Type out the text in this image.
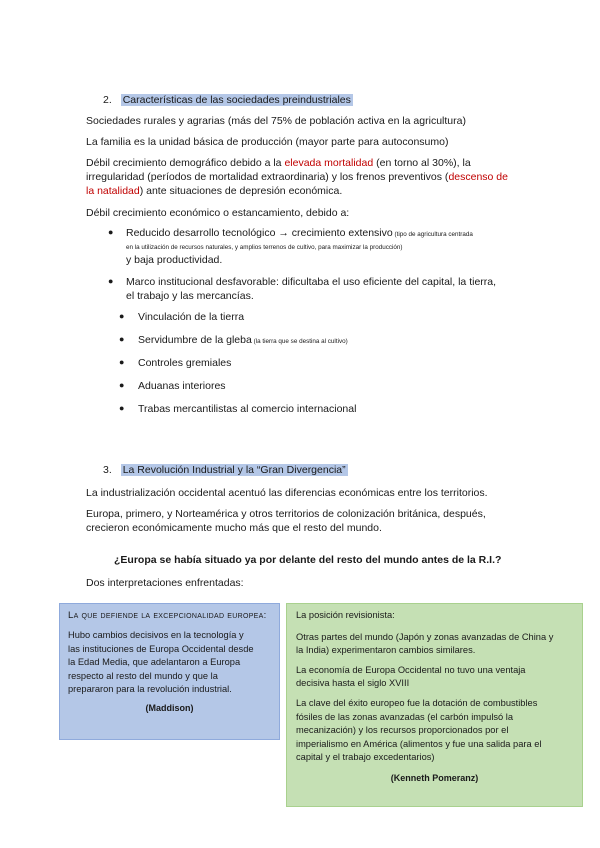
2. Características de las sociedades preindustriales
Sociedades rurales y agrarias (más del 75% de población activa en la agricultura)
La familia es la unidad básica de producción (mayor parte para autoconsumo)
Débil crecimiento demográfico debido a la elevada mortalidad (en torno al 30%), la
irregularidad (períodos de mortalidad extraordinaria) y los frenos preventivos (descenso de
la natalidad) ante situaciones de depresión económica.
Débil crecimiento económico o estancamiento, debido a:
● Reducido desarrollo tecnológico → crecimiento extensivo (tipo de agricultura centrada
en la utilización de recursos naturales, y amplios terrenos de cultivo, para maximizar la producción)
y baja productividad.
● Marco institucional desfavorable: dificultaba el uso eficiente del capital, la tierra,
el trabajo y las mercancías.
● Vinculación de la tierra
● Servidumbre de la gleba (la tierra que se destina al cultivo)
● Controles gremiales
● Aduanas interiores
● Trabas mercantilistas al comercio internacional
3. La Revolución Industrial y la “Gran Divergencia”
La industrialización occidental acentuó las diferencias económicas entre los territorios.
Europa, primero, y Norteamérica y otros territorios de colonización británica, después,
crecieron económicamente mucho más que el resto del mundo.
¿Europa se había situado ya por delante del resto del mundo antes de la R.I.?
Dos interpretaciones enfrentadas:

La que defiende la excepcionalidad europea:

Hubo cambios decisivos en la tecnología y

las instituciones de Europa Occidental desde

la Edad Media, que adelantaron a Europa

respecto al resto del mundo y que la

prepararon para la revolución industrial.

(Maddison)

La posición revisionista:

Otras partes del mundo (Japón y zonas avanzadas de China y

la India) experimentaron cambios similares.

La economía de Europa Occidental no tuvo una ventaja

decisiva hasta el siglo XVIII

La clave del éxito europeo fue la dotación de combustibles

fósiles de las zonas avanzadas (el carbón impulsó la

mecanización) y los recursos proporcionados por el

imperialismo en América (alimentos y fue una salida para el

capital y el trabajo excedentarios)

(Kenneth Pomeranz)
